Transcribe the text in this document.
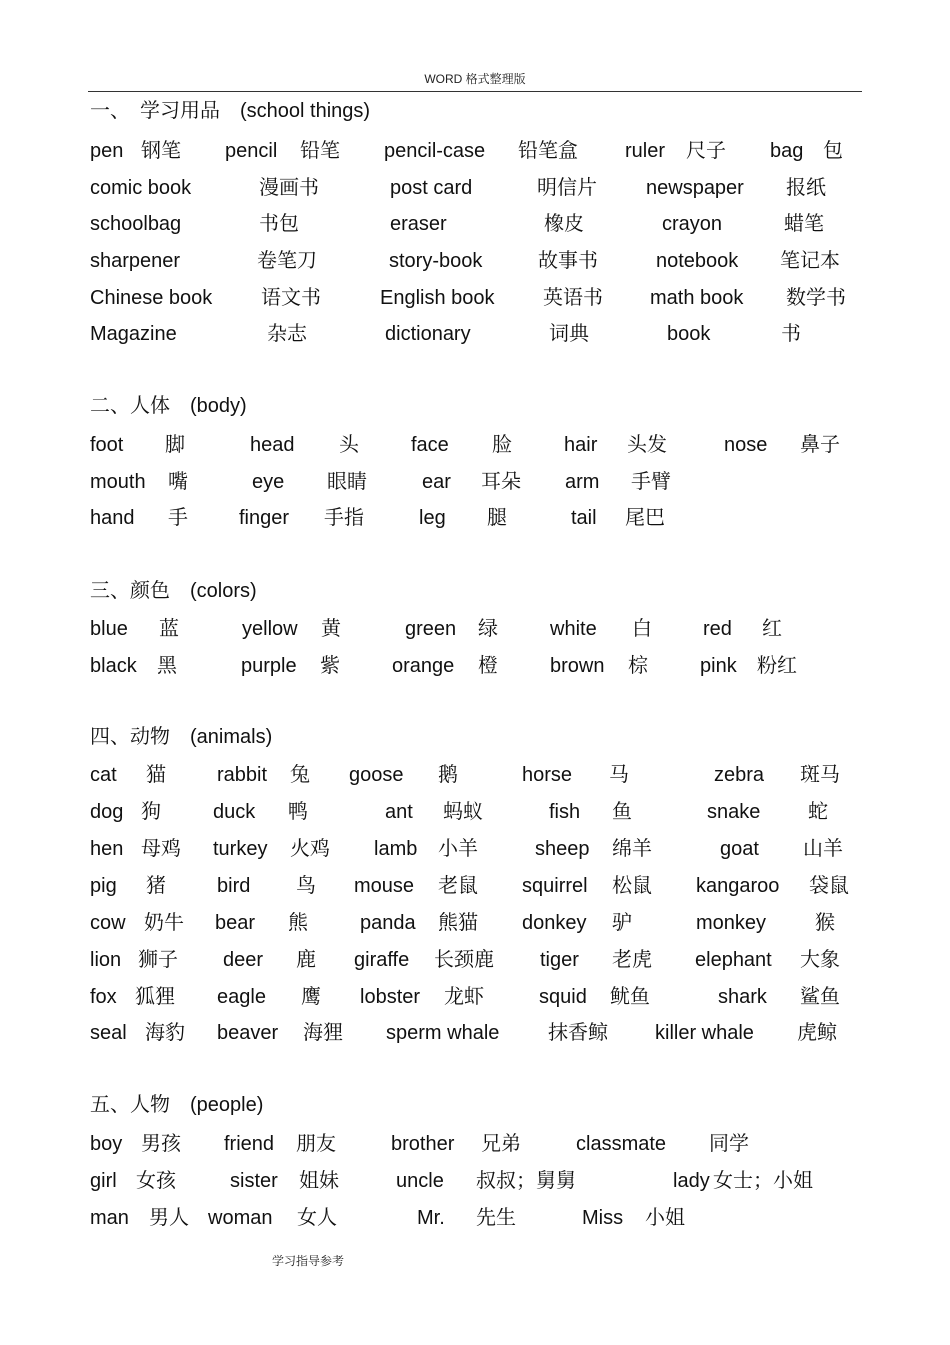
WORD 格式整理版
一、　学习用品　(school things)
pen 钢笔 pencil 铅笔 pencil-case 铅笔盒 ruler 尺子 bag 包
comic book	漫画书	post card	明信片 newspaper 报纸
schoolbag	书包	eraser	橡皮	crayon	蜡笔
sharpener	卷笔刀	story-book	故事书	notebook 笔记本
Chinese book 语文书	English book 英语书 math book 数学书
Magazine	杂志	dictionary	词典	book	书
二、人体　(body)
foot 脚	head 头	face 脸	hair 头发	nose 鼻子
mouth 嘴	eye 眼睛	ear 耳朵 arm 手臂
hand 手	finger 手指	leg 腿	tail 尾巴
三、颜色　(colors)
blue 蓝	yellow 黄	green 绿	white 白	red 红
black 黑	purple 紫	orange 橙	brown 棕	pink 粉红
四、动物　(animals)
cat 猫	rabbit 兔 goose 鹅	horse 马	zebra 斑马
dog 狗	duck 鸭	ant 蚂蚁	fish 鱼	snake 蛇
hen 母鸡 turkey 火鸡 lamb 小羊	sheep 绵羊	goat 山羊
pig 猪	bird 鸟 mouse 老鼠 squirrel 松鼠 kangaroo 袋鼠
cow 奶牛 bear 熊	panda 熊猫 donkey 驴	monkey 猴
lion 狮子 deer 鹿 giraffe 长颈鹿 tiger 老虎 elephant 大象
fox 狐狸 eagle 鹰 lobster 龙虾	squid 鱿鱼	shark 鲨鱼
seal 海豹 beaver 海狸 sperm whale 抹香鲸 killer whale 虎鲸
五、人物　(people)
boy 男孩 friend 朋友	brother 兄弟	classmate 同学
girl 女孩	sister 姐妹	uncle 叔叔；舅舅	lady 女士；小姐
man 男人 woman 女人	Mr. 先生	Miss 小姐
学习指导参考
